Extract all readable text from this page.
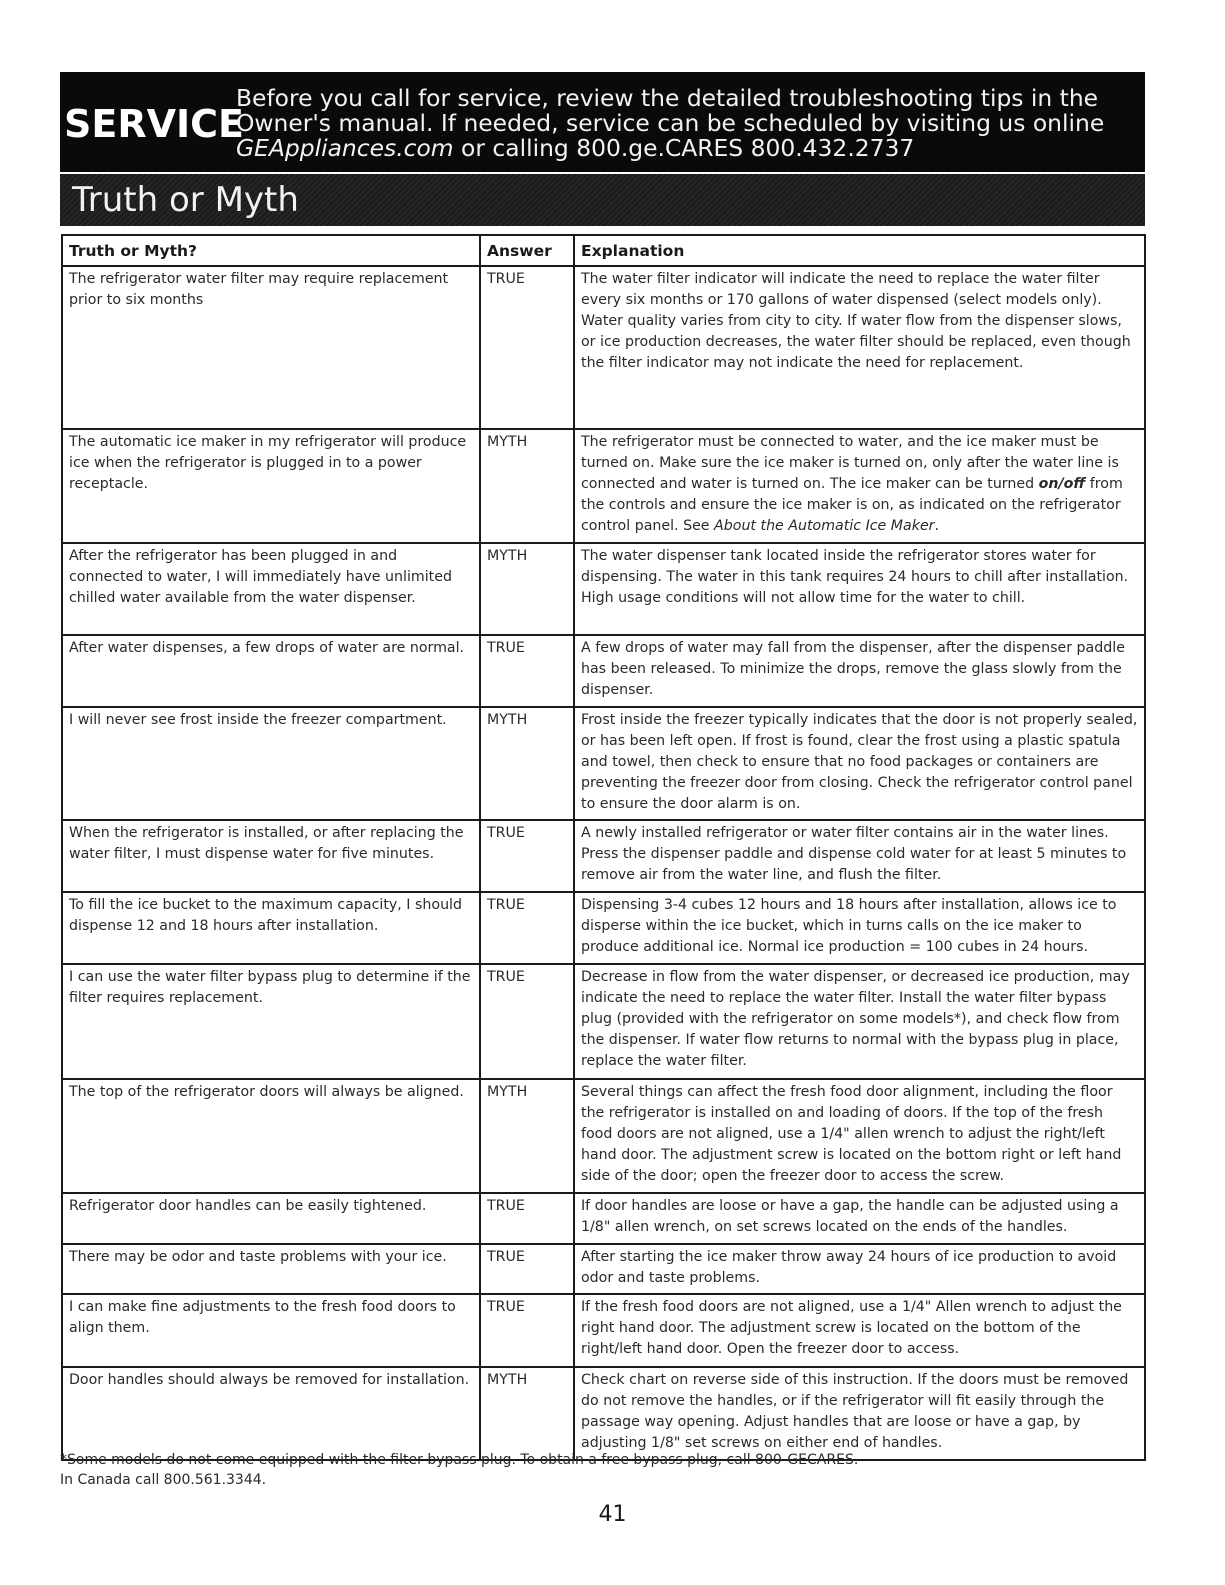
SERVICE
Before you call for service, review the detailed troubleshooting tips in the Owner's manual. If needed, service can be scheduled by visiting us online GEAppliances.com or calling 800.ge.CARES 800.432.2737
Truth or Myth
Truth or Myth?	Answer	Explanation
The refrigerator water filter may require replacement prior to six months	TRUE	The water filter indicator will indicate the need to replace the water filter every six months or 170 gallons of water dispensed (select models only). Water quality varies from city to city. If water flow from the dispenser slows, or ice production decreases, the water filter should be replaced, even though the filter indicator may not indicate the need for replacement.
The automatic ice maker in my refrigerator will produce ice when the refrigerator is plugged in to a power receptacle.	MYTH	The refrigerator must be connected to water, and the ice maker must be turned on. Make sure the ice maker is turned on, only after the water line is connected and water is turned on. The ice maker can be turned on/off from the controls and ensure the ice maker is on, as indicated on the refrigerator control panel. See About the Automatic Ice Maker.
After the refrigerator has been plugged in and connected to water, I will immediately have unlimited chilled water available from the water dispenser.	MYTH	The water dispenser tank located inside the refrigerator stores water for dispensing. The water in this tank requires 24 hours to chill after installation. High usage conditions will not allow time for the water to chill.
After water dispenses, a few drops of water are normal.	TRUE	A few drops of water may fall from the dispenser, after the dispenser paddle has been released. To minimize the drops, remove the glass slowly from the dispenser.
I will never see frost inside the freezer compartment.	MYTH	Frost inside the freezer typically indicates that the door is not properly sealed, or has been left open. If frost is found, clear the frost using a plastic spatula and towel, then check to ensure that no food packages or containers are preventing the freezer door from closing. Check the refrigerator control panel to ensure the door alarm is on.
When the refrigerator is installed, or after replacing the water filter, I must dispense water for five minutes.	TRUE	A newly installed refrigerator or water filter contains air in the water lines. Press the dispenser paddle and dispense cold water for at least 5 minutes to remove air from the water line, and flush the filter.
To fill the ice bucket to the maximum capacity, I should dispense 12 and 18 hours after installation.	TRUE	Dispensing 3-4 cubes 12 hours and 18 hours after installation, allows ice to disperse within the ice bucket, which in turns calls on the ice maker to produce additional ice. Normal ice production = 100 cubes in 24 hours.
I can use the water filter bypass plug to determine if the filter requires replacement.	TRUE	Decrease in flow from the water dispenser, or decreased ice production, may indicate the need to replace the water filter. Install the water filter bypass plug (provided with the refrigerator on some models*), and check flow from the dispenser. If water flow returns to normal with the bypass plug in place, replace the water filter.
The top of the refrigerator doors will always be aligned.	MYTH	Several things can affect the fresh food door alignment, including the floor the refrigerator is installed on and loading of doors. If the top of the fresh food doors are not aligned, use a 1/4" allen wrench to adjust the right/left hand door. The adjustment screw is located on the bottom right or left hand side of the door; open the freezer door to access the screw.
Refrigerator door handles can be easily tightened.	TRUE	If door handles are loose or have a gap, the handle can be adjusted using a 1/8" allen wrench, on set screws located on the ends of the handles.
There may be odor and taste problems with your ice.	TRUE	After starting the ice maker throw away 24 hours of ice production to avoid odor and taste problems.
I can make fine adjustments to the fresh food doors to align them.	TRUE	If the fresh food doors are not aligned, use a 1/4" Allen wrench to adjust the right hand door. The adjustment screw is located on the bottom of the right/left hand door. Open the freezer door to access.
Door handles should always be removed for installation.	MYTH	Check chart on reverse side of this instruction. If the doors must be removed do not remove the handles, or if the refrigerator will fit easily through the passage way opening. Adjust handles that are loose or have a gap, by adjusting 1/8" set screws on either end of handles.
*Some models do not come equipped with the filter bypass plug. To obtain a free bypass plug, call 800-GECARES.
In Canada call 800.561.3344.
41
